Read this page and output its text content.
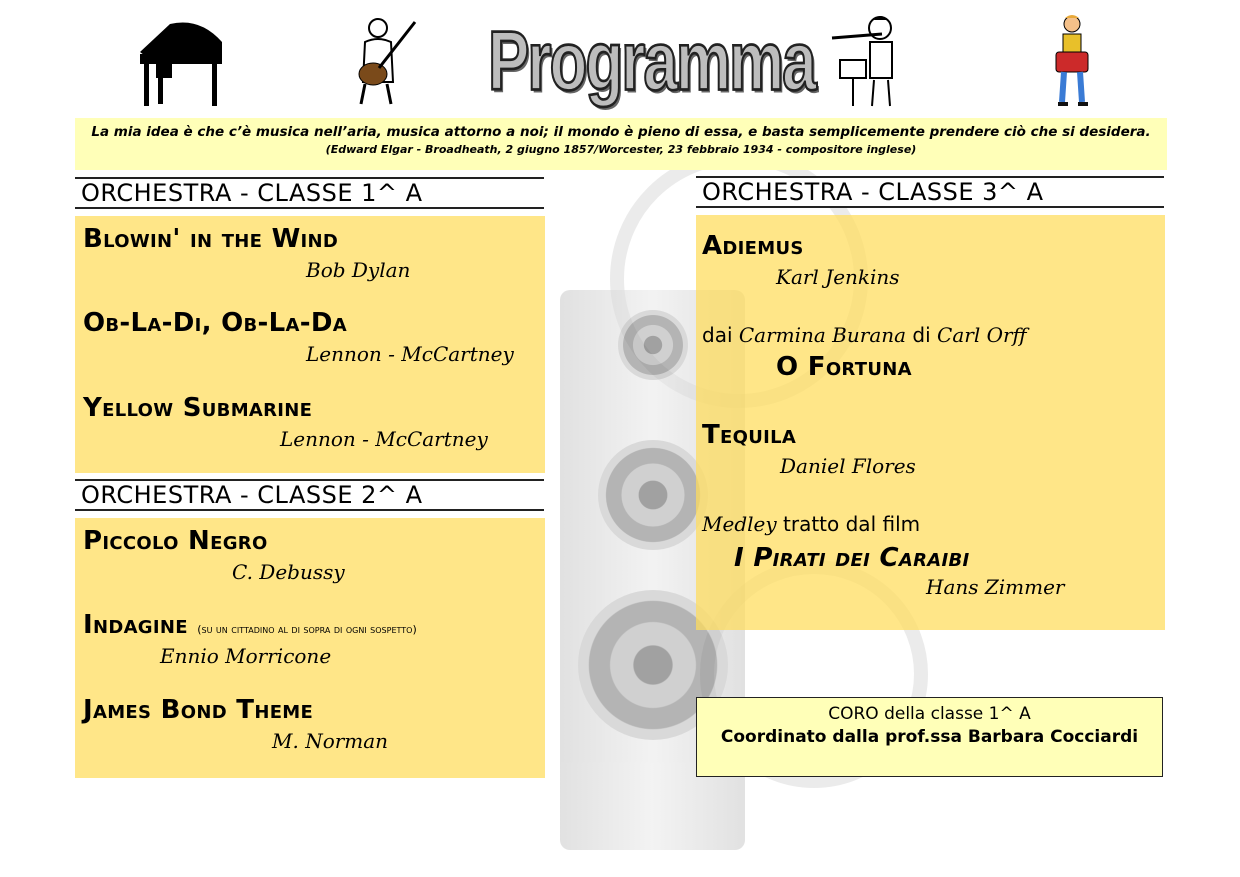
Programma
La mia idea è che c’è musica nell’aria, musica attorno a noi; il mondo è pieno di essa, e basta semplicemente prendere ciò che si desidera.
(Edward Elgar - Broadheath, 2 giugno 1857/Worcester, 23 febbraio 1934 - compositore inglese)
ORCHESTRA - CLASSE 1^ A
Blowin' in the Wind
Bob Dylan
Ob-La-Di, Ob-La-Da
Lennon - McCartney
Yellow Submarine
Lennon - McCartney
ORCHESTRA - CLASSE 2^ A
Piccolo Negro
C. Debussy
Indagine (su un cittadino al di sopra di ogni sospetto)
Ennio Morricone
James Bond Theme
M. Norman
ORCHESTRA - CLASSE 3^ A
Adiemus
Karl Jenkins
dai Carmina Burana di Carl Orff
O Fortuna
Tequila
Daniel Flores
Medley tratto dal film
I Pirati dei Caraibi
Hans Zimmer
CORO della classe 1^ A
Coordinato dalla prof.ssa Barbara Cocciardi
